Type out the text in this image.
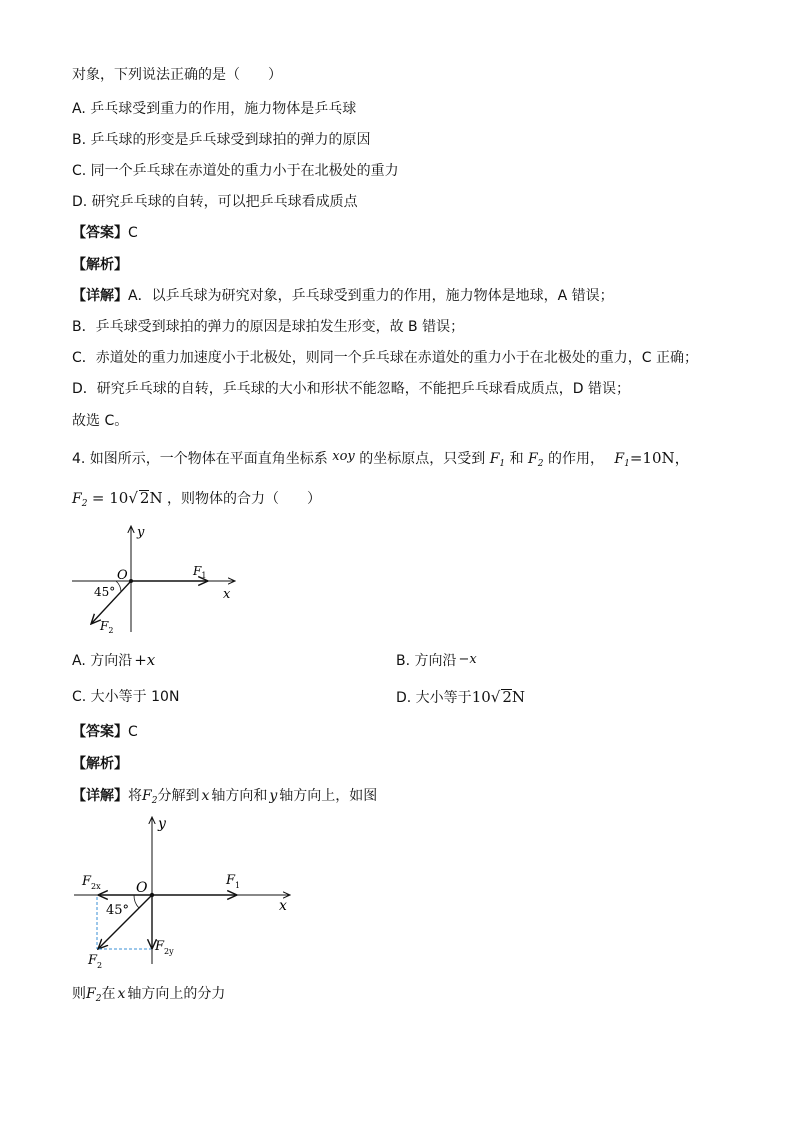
对象，下列说法正确的是（　　）
A. 乒乓球受到重力的作用，施力物体是乒乓球
B. 乒乓球的形变是乒乓球受到球拍的弹力的原因
C. 同一个乒乓球在赤道处的重力小于在北极处的重力
D. 研究乒乓球的自转，可以把乒乓球看成质点
【答案】C
【解析】
【详解】A．以乒乓球为研究对象，乒乓球受到重力的作用，施力物体是地球，A 错误；
B．乒乓球受到球拍的弹力的原因是球拍发生形变，故 B 错误；
C．赤道处的重力加速度小于北极处，则同一个乒乓球在赤道处的重力小于在北极处的重力，C 正确；
D．研究乒乓球的自转，乒乓球的大小和形状不能忽略，不能把乒乓球看成质点，D 错误；
故选 C。
4. 如图所示，一个物体在平面直角坐标系 xoy 的坐标原点，只受到 $F_1$ 和 $F_2$ 的作用， $F_1=10N$，
$F_2 = 10√$ 2N ，则物体的合力（　　）
y
x
O
45°
$F_1$
$F_2$
A. 方向沿 +x	B. 方向沿 −x
C. 大小等于 10N	D. 大小等于10√ 2N
【答案】C
【解析】
【详解】将$F_2$分解到 x 轴方向和 y 轴方向上，如图
y
x
O
45°
$F_1$
$F_{2x}$
$F_{2y}$
$F_2$
则$F_2$在 x 轴方向上的分力
